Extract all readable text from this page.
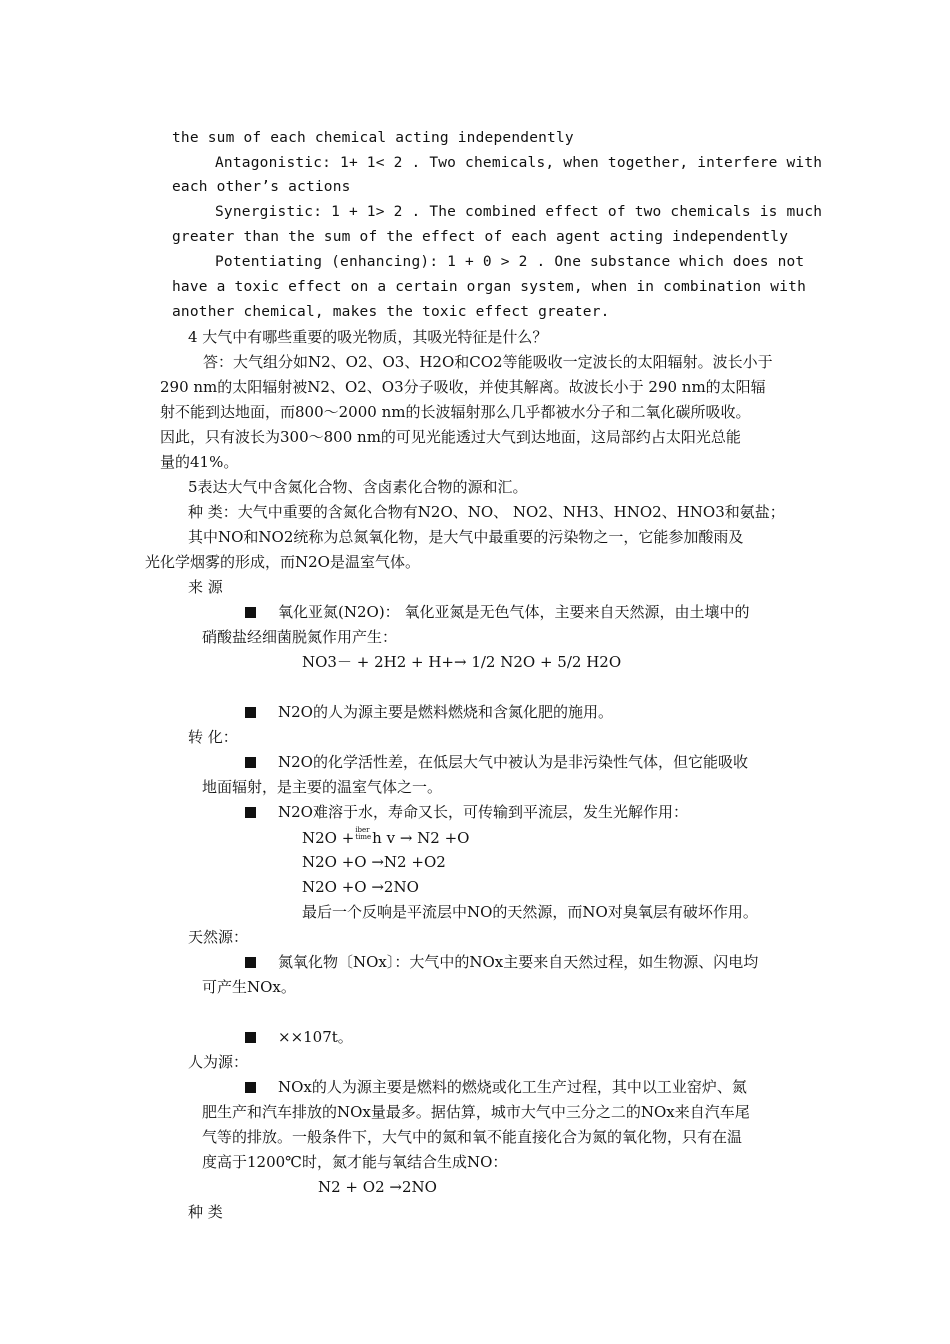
the sum of each chemical acting independently
Antagonistic: 1+ 1< 2 . Two chemicals, when together, interfere with
each other’s actions
Synergistic: 1 + 1> 2 . The combined effect of two chemicals is much
greater than the sum of the effect of each agent acting independently
Potentiating (enhancing): 1 + 0 > 2 . One substance which does not
have a toxic effect on a certain organ system, when in combination with
another chemical, makes the toxic effect greater.
4 大气中有哪些重要的吸光物质，其吸光特征是什么？
答：大气组分如N2、O2、O3、H2O和CO2等能吸收一定波长的太阳辐射。波长小于
290 nm的太阳辐射被N2、O2、O3分子吸收，并使其解离。故波长小于 290 nm的太阳辐
射不能到达地面，而800～2000 nm的长波辐射那么几乎都被水分子和二氧化碳所吸收。
因此，只有波长为300～800 nm的可见光能透过大气到达地面，这局部约占太阳光总能
量的41%。
5表达大气中含氮化合物、含卤素化合物的源和汇。
种 类：大气中重要的含氮化合物有N2O、NO、 NO2、NH3、HNO2、HNO3和氨盐；
其中NO和NO2统称为总氮氧化物，是大气中最重要的污染物之一，它能参加酸雨及
光化学烟雾的形成，而N2O是温室气体。
来 源
氧化亚氮(N2O)： 氧化亚氮是无色气体，主要来自天然源，由土壤中的
硝酸盐经细菌脱氮作用产生：
NO3－ + 2H2 + H+→ 1/2 N2O + 5/2 H2O
N2O的人为源主要是燃料燃烧和含氮化肥的施用。
转 化：
N2O的化学活性差，在低层大气中被认为是非污染性气体，但它能吸收
地面辐射，是主要的温室气体之一。
N2O难溶于水，寿命又长，可传输到平流层，发生光解作用：
N2O + iber
time h v → N2 +O
N2O +O →N2 +O2
N2O +O →2NO
最后一个反响是平流层中NO的天然源，而NO对臭氧层有破坏作用。
天然源：
氮氧化物〔NOx〕：大气中的NOx主要来自天然过程，如生物源、闪电均
可产生NOx。
××107t。
人为源：
NOx的人为源主要是燃料的燃烧或化工生产过程，其中以工业窑炉、氮
肥生产和汽车排放的NOx量最多。据估算，城市大气中三分之二的NOx来自汽车尾
气等的排放。一般条件下，大气中的氮和氧不能直接化合为氮的氧化物，只有在温
度高于1200℃时，氮才能与氧结合生成NO：
N2 + O2 →2NO
种 类
